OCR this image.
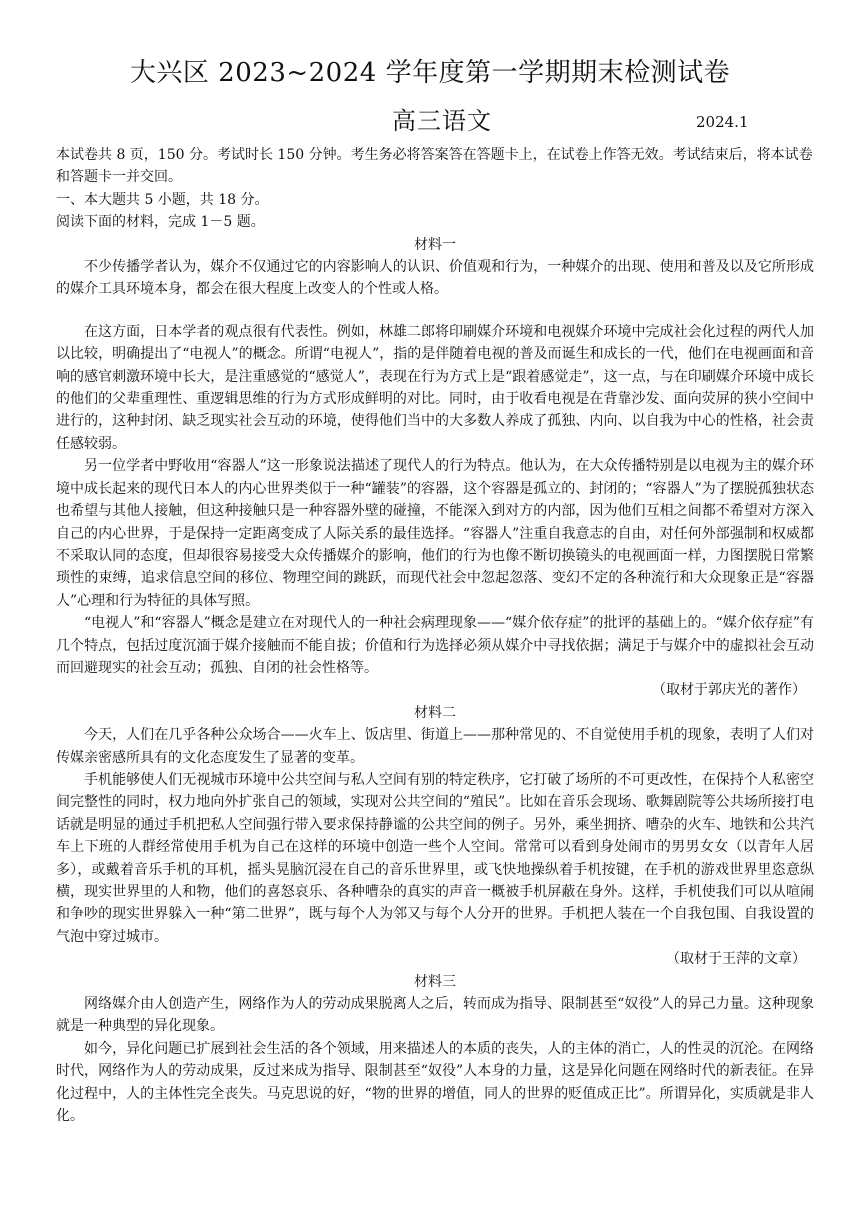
大兴区 2023~2024 学年度第一学期期末检测试卷
高三语文	2024.1

本试卷共 8 页，150 分。考试时长 150 分钟。考生务必将答案答在答题卡上，在试卷上作答无效。考试结束后，将本试卷和答题卡一并交回。

一、本大题共 5 小题，共 18 分。

阅读下面的材料，完成 1－5 题。

材料一

不少传播学者认为，媒介不仅通过它的内容影响人的认识、价值观和行为，一种媒介的出现、使用和普及以及它所形成的媒介工具环境本身，都会在很大程度上改变人的个性或人格。

在这方面，日本学者的观点很有代表性。例如，林雄二郎将印刷媒介环境和电视媒介环境中完成社会化过程的两代人加以比较，明确提出了“电视人”的概念。所谓“电视人”，指的是伴随着电视的普及而诞生和成长的一代，他们在电视画面和音响的感官刺激环境中长大，是注重感觉的“感觉人”，表现在行为方式上是“跟着感觉走”，这一点，与在印刷媒介环境中成长的他们的父辈重理性、重逻辑思维的行为方式形成鲜明的对比。同时，由于收看电视是在背靠沙发、面向荧屏的狭小空间中进行的，这种封闭、缺乏现实社会互动的环境，使得他们当中的大多数人养成了孤独、内向、以自我为中心的性格，社会责任感较弱。

另一位学者中野收用“容器人”这一形象说法描述了现代人的行为特点。他认为，在大众传播特别是以电视为主的媒介环境中成长起来的现代日本人的内心世界类似于一种“罐装”的容器，这个容器是孤立的、封闭的；“容器人”为了摆脱孤独状态也希望与其他人接触，但这种接触只是一种容器外壁的碰撞，不能深入到对方的内部，因为他们互相之间都不希望对方深入自己的内心世界，于是保持一定距离变成了人际关系的最佳选择。“容器人”注重自我意志的自由，对任何外部强制和权威都不采取认同的态度，但却很容易接受大众传播媒介的影响，他们的行为也像不断切换镜头的电视画面一样，力图摆脱日常繁琐性的束缚，追求信息空间的移位、物理空间的跳跃，而现代社会中忽起忽落、变幻不定的各种流行和大众现象正是“容器人”心理和行为特征的具体写照。

“电视人”和“容器人”概念是建立在对现代人的一种社会病理现象——“媒介依存症”的批评的基础上的。“媒介依存症”有几个特点，包括过度沉湎于媒介接触而不能自拔；价值和行为选择必须从媒介中寻找依据；满足于与媒介中的虚拟社会互动而回避现实的社会互动；孤独、自闭的社会性格等。

（取材于郭庆光的著作）

材料二

今天，人们在几乎各种公众场合——火车上、饭店里、街道上——那种常见的、不自觉使用手机的现象，表明了人们对传媒亲密感所具有的文化态度发生了显著的变革。

手机能够使人们无视城市环境中公共空间与私人空间有别的特定秩序，它打破了场所的不可更改性，在保持个人私密空间完整性的同时，权力地向外扩张自己的领域，实现对公共空间的“殖民”。比如在音乐会现场、歌舞剧院等公共场所接打电话就是明显的通过手机把私人空间强行带入要求保持静谧的公共空间的例子。另外，乘坐拥挤、嘈杂的火车、地铁和公共汽车上下班的人群经常使用手机为自己在这样的环境中创造一些个人空间。常常可以看到身处闹市的男男女女（以青年人居多），或戴着音乐手机的耳机，摇头晃脑沉浸在自己的音乐世界里，或飞快地操纵着手机按键，在手机的游戏世界里恣意纵横，现实世界里的人和物，他们的喜怒哀乐、各种嘈杂的真实的声音一概被手机屏蔽在身外。这样，手机使我们可以从喧闹和争吵的现实世界躲入一种“第二世界”，既与每个人为邻又与每个人分开的世界。手机把人装在一个自我包围、自我设置的气泡中穿过城市。

（取材于王萍的文章）

材料三

网络媒介由人创造产生，网络作为人的劳动成果脱离人之后，转而成为指导、限制甚至“奴役”人的异己力量。这种现象就是一种典型的异化现象。

如今，异化问题已扩展到社会生活的各个领域，用来描述人的本质的丧失，人的主体的消亡，人的性灵的沉沦。在网络时代，网络作为人的劳动成果，反过来成为指导、限制甚至“奴役”人本身的力量，这是异化问题在网络时代的新表征。在异化过程中，人的主体性完全丧失。马克思说的好，“物的世界的增值，同人的世界的贬值成正比”。所谓异化，实质就是非人化。
